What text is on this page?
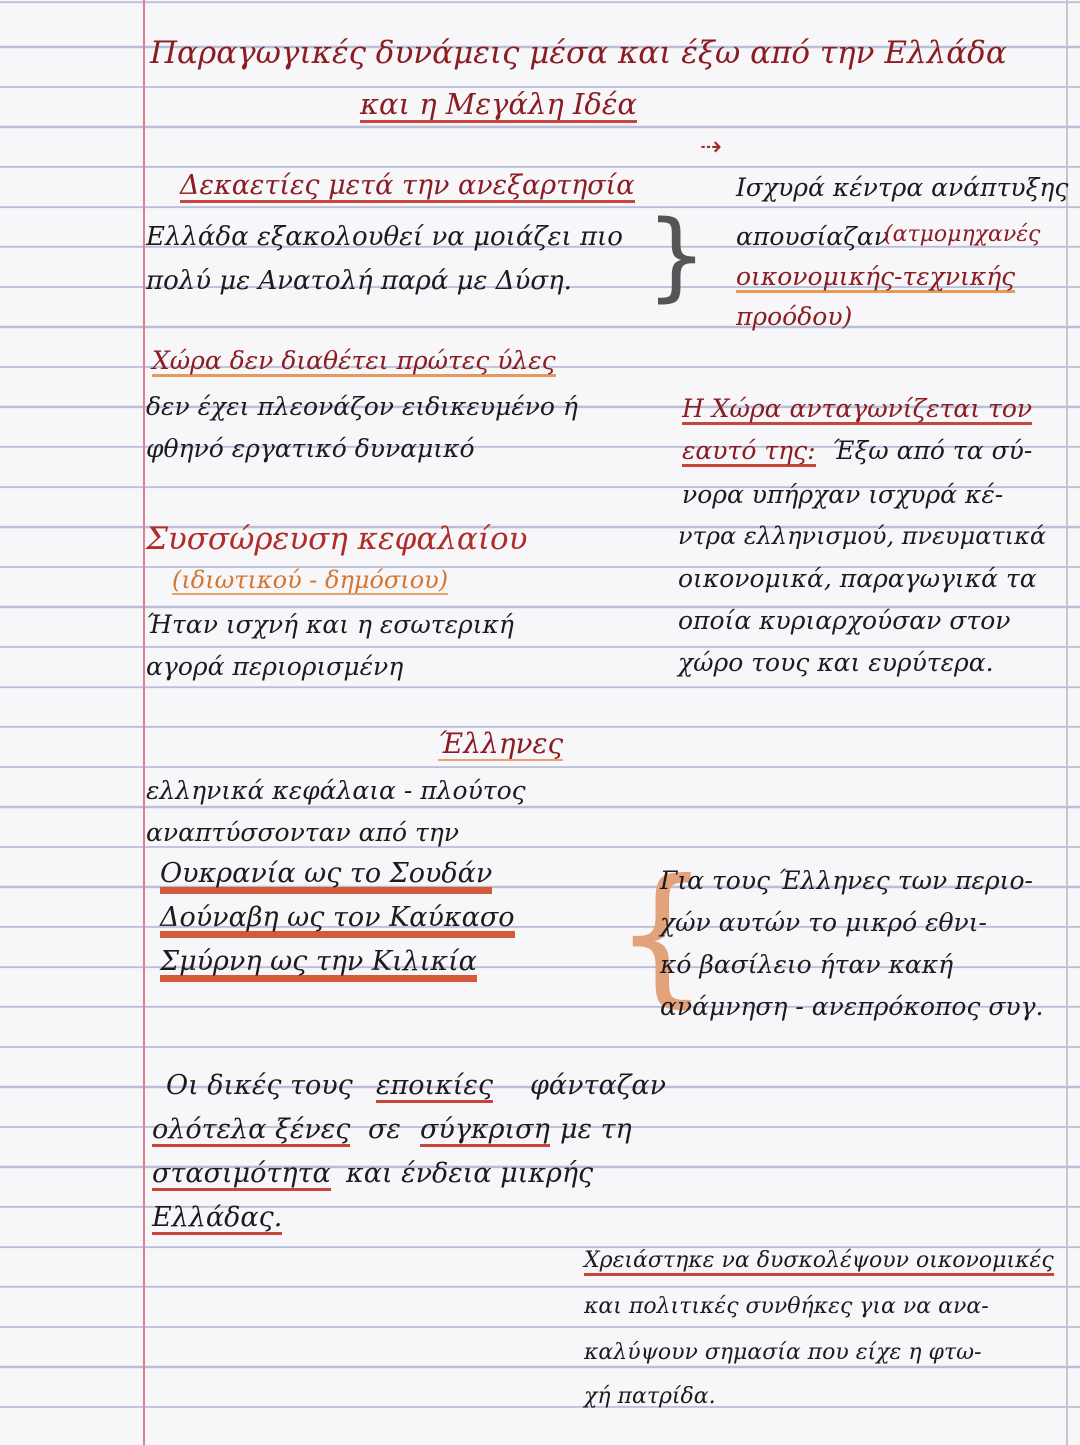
Παραγωγικές δυνάμεις μέσα και έξω από την Ελλάδα
και η Μεγάλη Ιδέα
⇢
Δεκαετίες μετά την ανεξαρτησία
Ελλάδα εξακολουθεί να μοιάζει πιο
πολύ με Ανατολή παρά με Δύση. }
Ισχυρά κέντρα ανάπτυξης
απουσίαζαν
(ατμομηχανές
οικονομικής-τεχνικής
προόδου)
Χώρα δεν διαθέτει πρώτες ύλες
δεν έχει πλεονάζον ειδικευμένο ή
φθηνό εργατικό δυναμικό
Η Χώρα ανταγωνίζεται τον
εαυτό της: Έξω από τα σύ-
νορα υπήρχαν ισχυρά κέ-
ντρα ελληνισμού, πνευματικά
οικονομικά, παραγωγικά τα
οποία κυριαρχούσαν στον
χώρο τους και ευρύτερα.
Συσσώρευση κεφαλαίου
(ιδιωτικού - δημόσιου)
Ήταν ισχνή και η εσωτερική
αγορά περιορισμένη
Έλληνες
ελληνικά κεφάλαια - πλούτος
αναπτύσσονταν από την
Ουκρανία ως το Σουδάν
Δούναβη ως τον Καύκασο
Σμύρνη ως την Κιλικία {
Για τους Έλληνες των περιο-
χών αυτών το μικρό εθνι-
κό βασίλειο ήταν κακή
ανάμνηση - ανεπρόκοπος συγ.
Οι δικές τους εποικίες φάνταζαν
ολότελα ξένες σε σύγκριση με τη
στασιμότητα και ένδεια μικρής
Ελλάδας.
Χρειάστηκε να δυσκολέψουν οικονομικές
και πολιτικές συνθήκες για να ανα-
καλύψουν σημασία που είχε η φτω-
χή πατρίδα.
